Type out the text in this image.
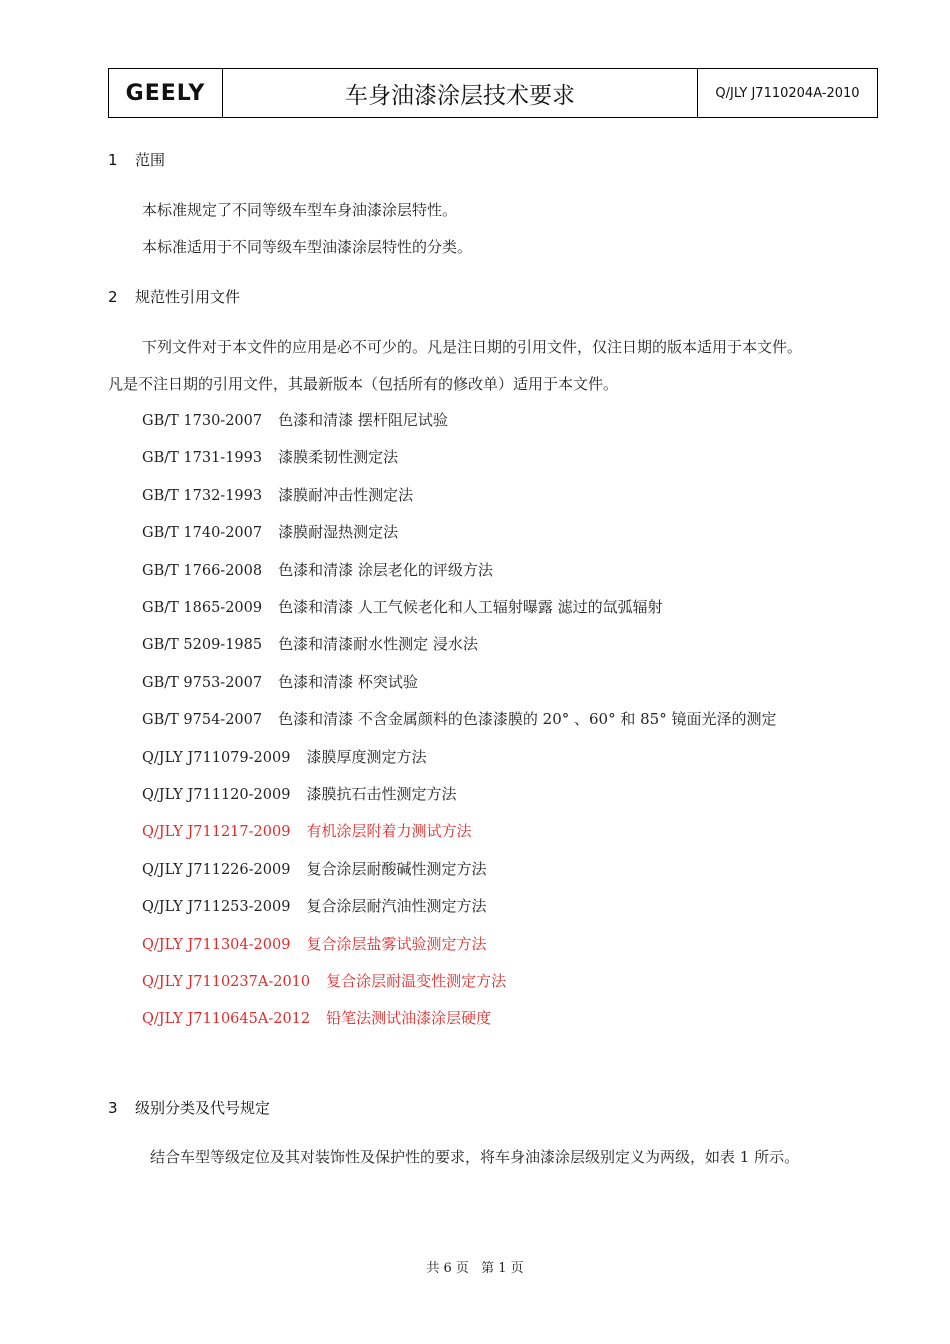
GEELY	车身油漆涂层技术要求	Q/JLY J7110204A-2010
1 范围
本标准规定了不同等级车型车身油漆涂层特性。
本标准适用于不同等级车型油漆涂层特性的分类。
2 规范性引用文件
下列文件对于本文件的应用是必不可少的。凡是注日期的引用文件，仅注日期的版本适用于本文件。
凡是不注日期的引用文件，其最新版本（包括所有的修改单）适用于本文件。
GB/T 1730-2007 色漆和清漆 摆杆阻尼试验
GB/T 1731-1993 漆膜柔韧性测定法
GB/T 1732-1993 漆膜耐冲击性测定法
GB/T 1740-2007 漆膜耐湿热测定法
GB/T 1766-2008 色漆和清漆 涂层老化的评级方法
GB/T 1865-2009 色漆和清漆 人工气候老化和人工辐射曝露 滤过的氙弧辐射
GB/T 5209-1985 色漆和清漆耐水性测定 浸水法
GB/T 9753-2007 色漆和清漆 杯突试验
GB/T 9754-2007 色漆和清漆 不含金属颜料的色漆漆膜的 20° 、60° 和 85° 镜面光泽的测定
Q/JLY J711079-2009 漆膜厚度测定方法
Q/JLY J711120-2009 漆膜抗石击性测定方法
Q/JLY J711217-2009 有机涂层附着力测试方法
Q/JLY J711226-2009 复合涂层耐酸碱性测定方法
Q/JLY J711253-2009 复合涂层耐汽油性测定方法
Q/JLY J711304-2009 复合涂层盐雾试验测定方法
Q/JLY J7110237A-2010 复合涂层耐温变性测定方法
Q/JLY J7110645A-2012 铅笔法测试油漆涂层硬度
3 级别分类及代号规定
结合车型等级定位及其对装饰性及保护性的要求，将车身油漆涂层级别定义为两级，如表 1 所示。
共 6 页 第 1 页
